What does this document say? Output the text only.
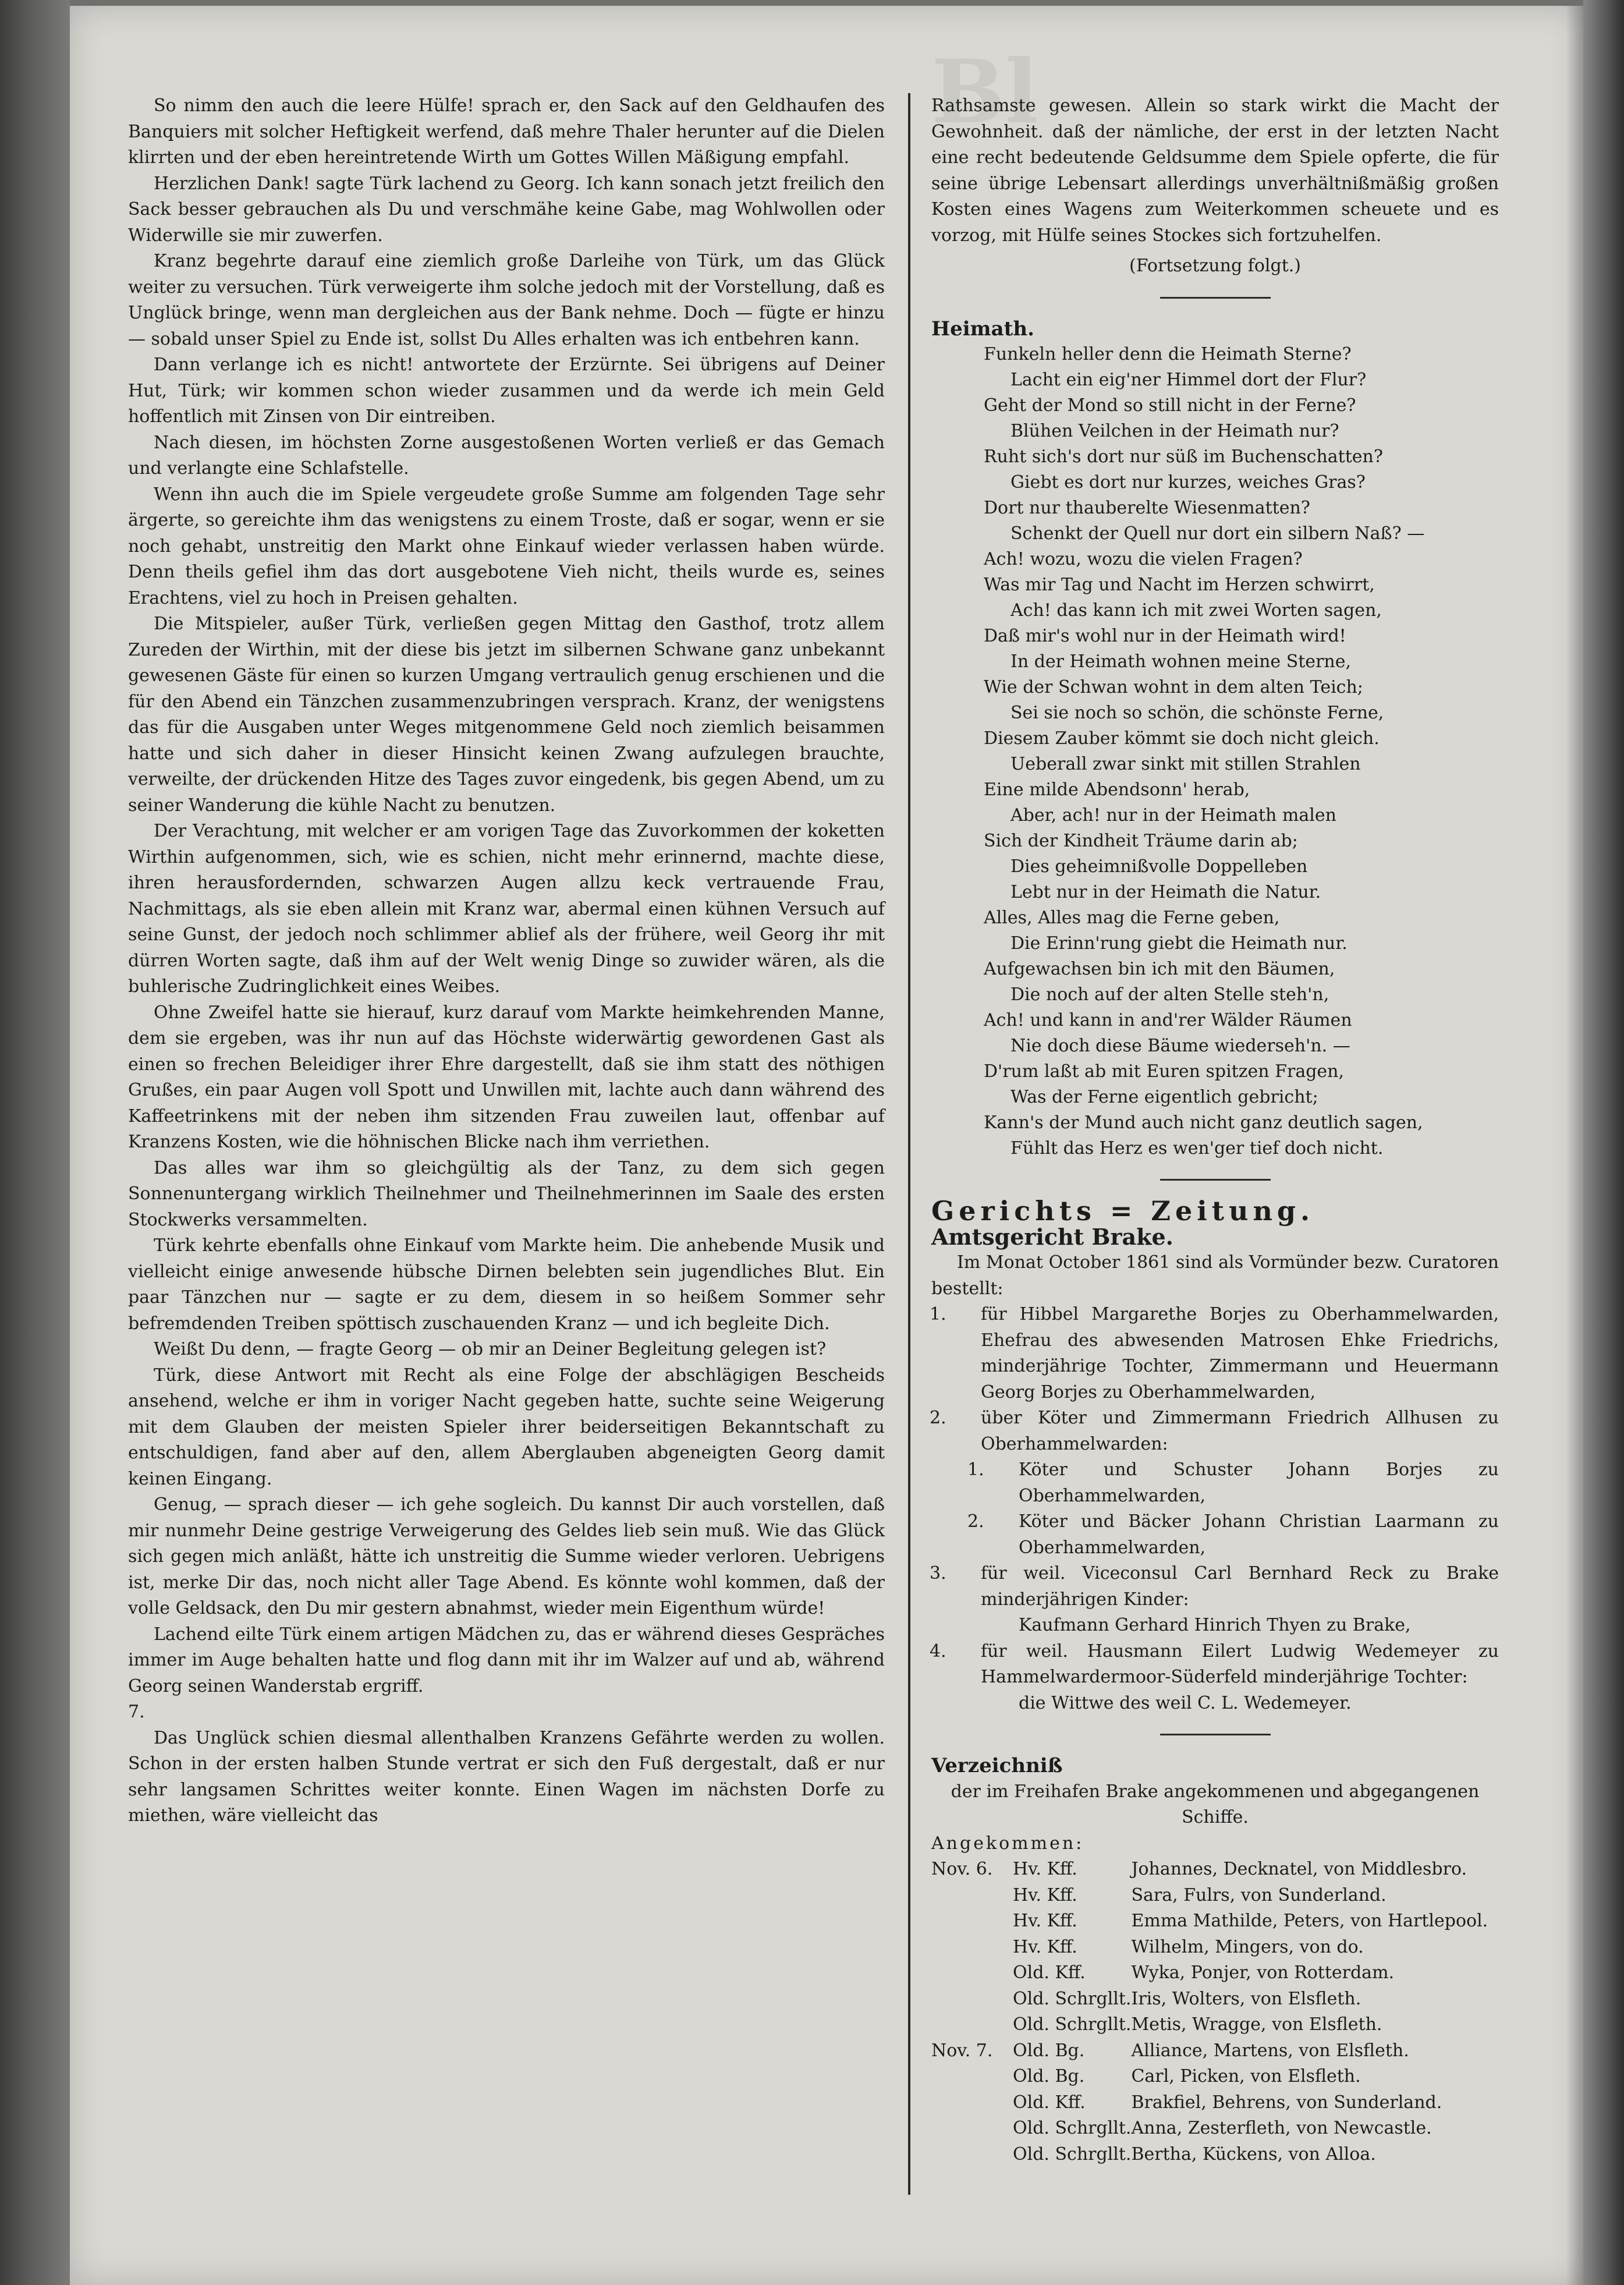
Bl

So nimm den auch die leere Hülfe! sprach er, den Sack auf den Geldhaufen des Banquiers mit solcher Heftigkeit werfend, daß mehre Thaler herunter auf die Dielen klirrten und der eben hereintretende Wirth um Gottes Willen Mäßigung empfahl.

Herzlichen Dank! sagte Türk lachend zu Georg. Ich kann sonach jetzt freilich den Sack besser gebrauchen als Du und verschmähe keine Gabe, mag Wohlwollen oder Widerwille sie mir zuwerfen.

Kranz begehrte darauf eine ziemlich große Darleihe von Türk, um das Glück weiter zu versuchen. Türk verweigerte ihm solche jedoch mit der Vorstellung, daß es Unglück bringe, wenn man dergleichen aus der Bank nehme. Doch — fügte er hinzu — sobald unser Spiel zu Ende ist, sollst Du Alles erhalten was ich entbehren kann.

Dann verlange ich es nicht! antwortete der Erzürnte. Sei übrigens auf Deiner Hut, Türk; wir kommen schon wieder zusammen und da werde ich mein Geld hoffentlich mit Zinsen von Dir eintreiben.

Nach diesen, im höchsten Zorne ausgestoßenen Worten verließ er das Gemach und verlangte eine Schlafstelle.

Wenn ihn auch die im Spiele vergeudete große Summe am folgenden Tage sehr ärgerte, so gereichte ihm das wenigstens zu einem Troste, daß er sogar, wenn er sie noch gehabt, unstreitig den Markt ohne Einkauf wieder verlassen haben würde. Denn theils gefiel ihm das dort ausgebotene Vieh nicht, theils wurde es, seines Erachtens, viel zu hoch in Preisen gehalten.

Die Mitspieler, außer Türk, verließen gegen Mittag den Gasthof, trotz allem Zureden der Wirthin, mit der diese bis jetzt im silbernen Schwane ganz unbekannt gewesenen Gäste für einen so kurzen Umgang vertraulich genug erschienen und die für den Abend ein Tänzchen zusammenzubringen versprach. Kranz, der wenigstens das für die Ausgaben unter Weges mitgenommene Geld noch ziemlich beisammen hatte und sich daher in dieser Hinsicht keinen Zwang aufzulegen brauchte, verweilte, der drückenden Hitze des Tages zuvor eingedenk, bis gegen Abend, um zu seiner Wanderung die kühle Nacht zu benutzen.

Der Verachtung, mit welcher er am vorigen Tage das Zuvorkommen der koketten Wirthin aufgenommen, sich, wie es schien, nicht mehr erinnernd, machte diese, ihren herausfordernden, schwarzen Augen allzu keck vertrauende Frau, Nachmittags, als sie eben allein mit Kranz war, abermal einen kühnen Versuch auf seine Gunst, der jedoch noch schlimmer ablief als der frühere, weil Georg ihr mit dürren Worten sagte, daß ihm auf der Welt wenig Dinge so zuwider wären, als die buhlerische Zudringlichkeit eines Weibes.

Ohne Zweifel hatte sie hierauf, kurz darauf vom Markte heimkehrenden Manne, dem sie ergeben, was ihr nun auf das Höchste widerwärtig gewordenen Gast als einen so frechen Beleidiger ihrer Ehre dargestellt, daß sie ihm statt des nöthigen Grußes, ein paar Augen voll Spott und Unwillen mit, lachte auch dann während des Kaffeetrinkens mit der neben ihm sitzenden Frau zuweilen laut, offenbar auf Kranzens Kosten, wie die höhnischen Blicke nach ihm verriethen.

Das alles war ihm so gleichgültig als der Tanz, zu dem sich gegen Sonnenuntergang wirklich Theilnehmer und Theilnehmerinnen im Saale des ersten Stockwerks versammelten.

Türk kehrte ebenfalls ohne Einkauf vom Markte heim. Die anhebende Musik und vielleicht einige anwesende hübsche Dirnen belebten sein jugendliches Blut. Ein paar Tänzchen nur — sagte er zu dem, diesem in so heißem Sommer sehr befremdenden Treiben spöttisch zuschauenden Kranz — und ich begleite Dich.

Weißt Du denn, — fragte Georg — ob mir an Deiner Begleitung gelegen ist?

Türk, diese Antwort mit Recht als eine Folge der abschlägigen Bescheids ansehend, welche er ihm in voriger Nacht gegeben hatte, suchte seine Weigerung mit dem Glauben der meisten Spieler ihrer beiderseitigen Bekanntschaft zu entschuldigen, fand aber auf den, allem Aberglauben abgeneigten Georg damit keinen Eingang.

Genug, — sprach dieser — ich gehe sogleich. Du kannst Dir auch vorstellen, daß mir nunmehr Deine gestrige Verweigerung des Geldes lieb sein muß. Wie das Glück sich gegen mich anläßt, hätte ich unstreitig die Summe wieder verloren. Uebrigens ist, merke Dir das, noch nicht aller Tage Abend. Es könnte wohl kommen, daß der volle Geldsack, den Du mir gestern abnahmst, wieder mein Eigenthum würde!

Lachend eilte Türk einem artigen Mädchen zu, das er während dieses Gespräches immer im Auge behalten hatte und flog dann mit ihr im Walzer auf und ab, während Georg seinen Wanderstab ergriff.

7.

Das Unglück schien diesmal allenthalben Kranzens Gefährte werden zu wollen. Schon in der ersten halben Stunde vertrat er sich den Fuß dergestalt, daß er nur sehr langsamen Schrittes weiter konnte. Einen Wagen im nächsten Dorfe zu miethen, wäre vielleicht das

Rathsamste gewesen. Allein so stark wirkt die Macht der Gewohnheit. daß der nämliche, der erst in der letzten Nacht eine recht bedeutende Geldsumme dem Spiele opferte, die für seine übrige Lebensart allerdings unverhältnißmäßig großen Kosten eines Wagens zum Weiterkommen scheuete und es vorzog, mit Hülfe seines Stockes sich fortzuhelfen.

(Fortsetzung folgt.)

Heimath.

Funkeln heller denn die Heimath Sterne?

Lacht ein eig'ner Himmel dort der Flur?

Geht der Mond so still nicht in der Ferne?

Blühen Veilchen in der Heimath nur?

Ruht sich's dort nur süß im Buchenschatten?

Giebt es dort nur kurzes, weiches Gras?

Dort nur thauberelte Wiesenmatten?

Schenkt der Quell nur dort ein silbern Naß? —

Ach! wozu, wozu die vielen Fragen?

Was mir Tag und Nacht im Herzen schwirrt,

Ach! das kann ich mit zwei Worten sagen,

Daß mir's wohl nur in der Heimath wird!

In der Heimath wohnen meine Sterne,

Wie der Schwan wohnt in dem alten Teich;

Sei sie noch so schön, die schönste Ferne,

Diesem Zauber kömmt sie doch nicht gleich.

Ueberall zwar sinkt mit stillen Strahlen

Eine milde Abendsonn' herab,

Aber, ach! nur in der Heimath malen

Sich der Kindheit Träume darin ab;

Dies geheimnißvolle Doppelleben

Lebt nur in der Heimath die Natur.

Alles, Alles mag die Ferne geben,

Die Erinn'rung giebt die Heimath nur.

Aufgewachsen bin ich mit den Bäumen,

Die noch auf der alten Stelle steh'n,

Ach! und kann in and'rer Wälder Räumen

Nie doch diese Bäume wiederseh'n. —

D'rum laßt ab mit Euren spitzen Fragen,

Was der Ferne eigentlich gebricht;

Kann's der Mund auch nicht ganz deutlich sagen,

Fühlt das Herz es wen'ger tief doch nicht.

Gerichts = Zeitung.

Amtsgericht Brake.

Im Monat October 1861 sind als Vormünder bezw. Curatoren bestellt:

1. für Hibbel Margarethe Borjes zu Oberhammelwarden, Ehefrau des abwesenden Matrosen Ehke Friedrichs, minderjährige Tochter, Zimmermann und Heuermann Georg Borjes zu Oberhammelwarden,

2. über Köter und Zimmermann Friedrich Allhusen zu Oberhammelwarden:

1. Köter und Schuster Johann Borjes zu Oberhammelwarden,

2. Köter und Bäcker Johann Christian Laarmann zu Oberhammelwarden,

3. für weil. Viceconsul Carl Bernhard Reck zu Brake minderjährigen Kinder:

Kaufmann Gerhard Hinrich Thyen zu Brake,

4. für weil. Hausmann Eilert Ludwig Wedemeyer zu Hammelwardermoor-Süderfeld minderjährige Tochter:

die Wittwe des weil C. L. Wedemeyer.

Verzeichniß

der im Freihafen Brake angekommenen und abgegangenen Schiffe.

Angekommen:

Nov. 6.	Hv. Kff.	Johannes, Decknatel, von Middlesbro.
	Hv. Kff.	Sara, Fulrs, von Sunderland.
	Hv. Kff.	Emma Mathilde, Peters, von Hartlepool.
	Hv. Kff.	Wilhelm, Mingers, von do.
	Old. Kff.	Wyka, Ponjer, von Rotterdam.
	Old. Schrgllt.	Iris, Wolters, von Elsfleth.
	Old. Schrgllt.	Metis, Wragge, von Elsfleth.
Nov. 7.	Old. Bg.	Alliance, Martens, von Elsfleth.
	Old. Bg.	Carl, Picken, von Elsfleth.
	Old. Kff.	Brakfiel, Behrens, von Sunderland.
	Old. Schrgllt.	Anna, Zesterfleth, von Newcastle.
	Old. Schrgllt.	Bertha, Kückens, von Alloa.
